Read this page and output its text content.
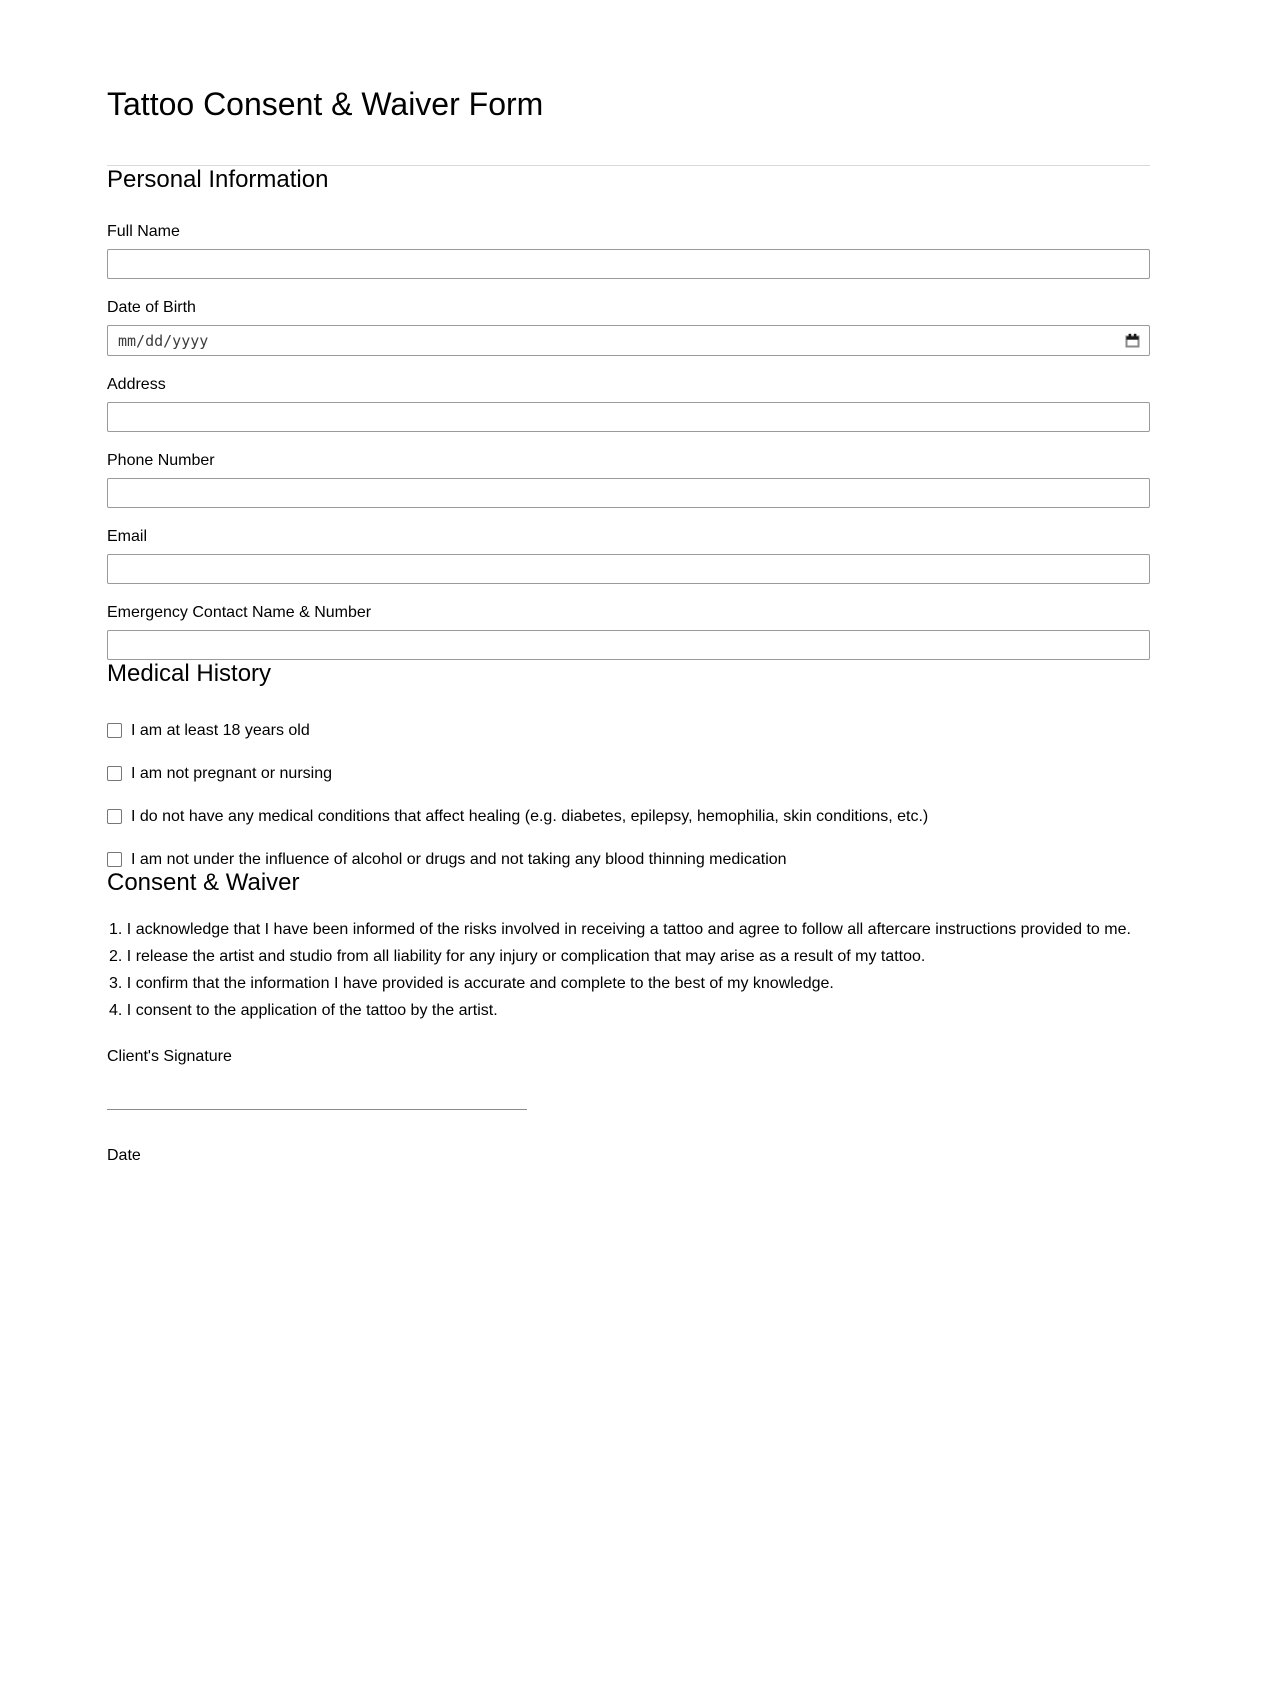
Tattoo Consent & Waiver Form
Personal Information
Full Name
Date of Birth
mm/dd/yyyy
Address
Phone Number
Email
Emergency Contact Name & Number
Medical History
I am at least 18 years old
I am not pregnant or nursing
I do not have any medical conditions that affect healing (e.g. diabetes, epilepsy, hemophilia, skin conditions, etc.)
I am not under the influence of alcohol or drugs and not taking any blood thinning medication
Consent & Waiver
1. I acknowledge that I have been informed of the risks involved in receiving a tattoo and agree to follow all aftercare instructions provided to me.
2. I release the artist and studio from all liability for any injury or complication that may arise as a result of my tattoo.
3. I confirm that the information I have provided is accurate and complete to the best of my knowledge.
4. I consent to the application of the tattoo by the artist.
Client's Signature
Date
